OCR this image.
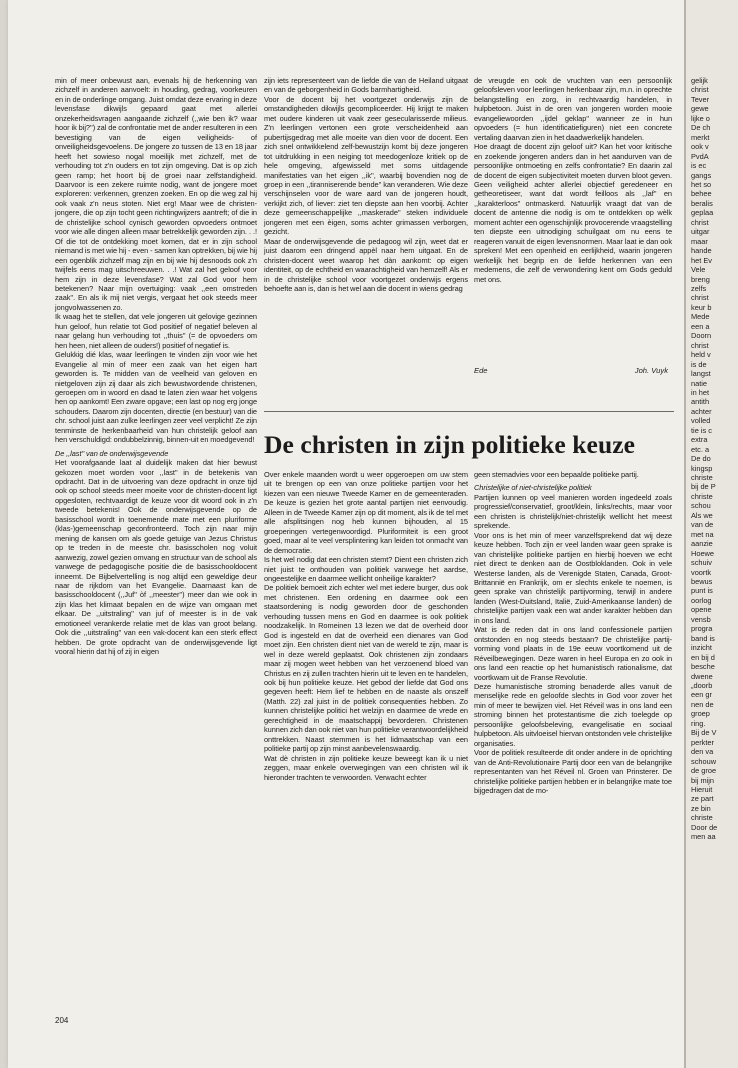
min of meer onbewust aan, evenals hij de herkenning van zichzelf in anderen aanvoelt: in houding, gedrag, voorkeuren en in de onderlinge omgang. Juist omdat deze ervaring in deze levensfase dikwijls gepaard gaat met allerlei onzekerheidsvragen aangaande zichzelf (,,wie ben ik? waar hoor ik bij?'') zal de confrontatie met de ander resulteren in een bevestiging van de eigen veiligheids- of onveiligheidsgevoelens. De jongere zo tussen de 13 en 18 jaar heeft het sowieso nogal moeilijk met zichzelf, met de verhouding tot z'n ouders en tot zijn omgeving. Dat is op zich geen ramp; het hoort bij de groei naar zelfstandigheid. Daarvoor is een zekere ruimte nodig, want de jongere moet exploreren: verkennen, grenzen zoeken. En op die weg zal hij ook vaak z'n neus stoten. Niet erg! Maar wee de christen-jongere, die op zijn tocht geen richtingwijzers aantreft; of die in de christelijke school cynisch geworden opvoeders ontmoet voor wie alle dingen alleen maar betrekkelijk geworden zijn. . .! Of die tot de ontdekking moet komen, dat er in zijn school niemand is met wie hij - even - samen kan optrekken, bij wie hij een ogenblik zichzelf mag zijn en bij wie hij desnoods ook z'n twijfels eens mag uitschreeuwen. . .! Wat zal het geloof voor hem zijn in deze levensfase? Wat zal God voor hem betekenen? Naar mijn overtuiging: vaak ,,een omstreden zaak''. En als ik mij niet vergis, vergaat het ook steeds meer jongvolwassenen zo.

Ik waag het te stellen, dat vele jongeren uit gelovige gezinnen hun geloof, hun relatie tot God positief of negatief beleven al naar gelang hun verhouding tot ,,thuis'' (= de opvoeders om hen heen, niet alleen de ouders!) positief of negatief is.

Gelukkig dié klas, waar leerlingen te vinden zijn voor wie het Evangelie al min of meer een zaak van het eigen hart geworden is. Te midden van de veelheid van geloven en nietgeloven zijn zij daar als zich bewustwordende christenen, geroepen om in woord en daad te laten zien waar het volgens hen op aankomt! Een zware opgave; een last op nog erg jonge schouders. Daarom zijn docenten, directie (en bestuur) van die chr. school juist aan zulke leerlingen zeer veel verplicht! Ze zijn tenminste de herkenbaarheid van hun christelijk geloof aan hen verschuldigd: ondubbelzinnig, binnen-uit en moedgevend!

De ,,last'' van de onderwijsgevende

Het voorafgaande laat al duidelijk maken dat hier bewust gekozen moet worden voor ,,last'' in de betekenis van opdracht. Dat in de uitvoering van deze opdracht in onze tijd ook op school steeds meer moeite voor de christen-docent ligt opgesloten, rechtvaardigt de keuze voor dit woord ook in z'n tweede betekenis! Ook de onderwijsgevende op de basisschool wordt in toenemende mate met een pluriforme (klas-)gemeenschap geconfronteerd. Toch zijn naar mijn mening de kansen om als goede getuige van Jezus Christus op te treden in de meeste chr. basisscholen nog voluit aanwezig, zowel gezien omvang en structuur van de school als vanwege de pedagogische positie die de basisschooldocent inneemt. De Bijbelvertelling is nog altijd een geweldige deur naar de rijkdom van het Evangelie. Daarnaast kan de basisschooldocent (,,Juf'' òf ,,meester'') meer dan wie ook in zijn klas het klimaat bepalen en de wijze van omgaan met elkaar. De ,,uitstraling'' van juf of meester is in de vak emotioneel verankerde relatie met de klas van groot belang. Ook die ,,uitstraling'' van een vak-docent kan een sterk effect hebben. De grote opdracht van de onderwijsgevende ligt vooral hierin dat hij of zij in eigen

zijn iets representeert van de liefde die van de Heiland uitgaat en van de geborgenheid in Gods barmhartigheid.

Voor de docent bij het voortgezet onderwijs zijn de omstandigheden dikwijls gecompliceerder. Hij krijgt te maken met oudere kinderen uit vaak zeer gesecularisserde milieus. Z'n leerlingen vertonen een grote verscheidenheid aan pubertijsgedrag met alle moeite van dien voor de docent. Een zich snel ontwikkelend zelf-bewustzijn komt bij deze jongeren tot uitdrukking in een neiging tot meedogenloze kritiek op de hele omgeving, afgewisseld met soms uitdagende manifestaties van het eigen ,,ik'', waarbij bovendien nog de groep in een ,,tiranniserende bende'' kan veranderen. Wie deze verschijnselen voor de ware aard van de jongeren houdt, verkijkt zich, of liever: ziet ten diepste aan hen voorbij. Achter deze gemeenschappelijke ,,maskerade'' steken individuele jongeren met een èigen, soms achter grimassen verborgen, gezicht.

Maar de onderwijsgevende die pedagoog wil zijn, weet dat er juist daarom een dringend appèl naar hem uitgaat. En de christen-docent weet waarop het dàn aankomt: op eigen identiteit, op de echtheid en waarachtigheid van hemzelf! Als er in de christelijke school voor voortgezet onderwijs ergens behoefte aan is, dan is het wel aan die docent in wiens gedrag

de vreugde en ook de vruchten van een persoonlijk geloofsleven voor leerlingen herkenbaar zijn, m.n. in oprechte belangstelling en zorg, in rechtvaardig handelen, in hulpbetoon. Juist in de oren van jongeren worden mooie evangeliewoorden ,,ijdel geklap'' wanneer ze in hun opvoeders (= hun identificatiefiguren) niet een concrete vertaling daarvan zien in het daadwerkelijk handelen.

Hoe draagt de docent zijn geloof uit? Kan het voor kritische en zoekende jongeren anders dan in het aandurven van de persoonlijke ontmoeting en zelfs confrontatie? En daarin zal de docent de eigen subjectiviteit moeten durven bloot geven. Geen veiligheid achter allerlei objectief geredeneer en getheoretiseer, want dat wordt feilloos als ,,laf'' en ,,karakterloos'' ontmaskerd. Natuurlijk vraagt dat van de docent de antenne die nodig is om te ontdekken op wèlk moment achter een ogenschijnlijk provocerende vraagstelling ten diepste een uitnodiging schuilgaat om nu eens te reageren vanuit de eigen levensnormen. Maar laat ie dan ook spreken! Met een openheid en eerlijkheid, waarin jongeren werkelijk het begrip en de liefde herkennen van een medemens, die zelf de verwondering kent om Gods geduld met ons.

Ede	Joh. Vuyk
De christen in zijn politieke keuze

Over enkele maanden wordt u weer opgeroepen om uw stem uit te brengen op een van onze politieke partijen voor het kiezen van een nieuwe Tweede Kamer en de gemeenteraden. De keuze is gezien het grote aantal partijen niet eenvoudig. Alleen in de Tweede Kamer zijn op dit moment, als ik de tel met alle afsplitsingen nog heb kunnen bijhouden, al 15 groeperingen vertegenwoordigd. Pluriformiteit is een groot goed, maar al te veel versplintering kan leiden tot onmacht van de democratie.

Is het wel nodig dat een christen stemt? Dient een christen zich niet juist te onthouden van politiek vanwege het aardse, ongeestelijke en daarmee wellicht onheilige karakter?

De politiek bemoeit zich echter wel met iedere burger, dus ook met christenen. Een ordening en daarmee ook een staatsordening is nodig geworden door de geschonden verhouding tussen mens en God en daarmee is ook politiek noodzakelijk. In Romeinen 13 lezen we dat de overheid door God is ingesteld en dat de overheid een dienares van God moet zijn. Een christen dient niet van de wereld te zijn, maar is wel in deze wereld geplaatst. Ook christenen zijn zondaars maar zij mogen weet hebben van het verzoenend bloed van Christus en zij zullen trachten hierin uit te leven en te handelen, ook bij hun politieke keuze. Het gebod der liefde dat God ons gegeven heeft: Hem lief te hebben en de naaste als onszelf (Matth. 22) zal juist in de politiek consequenties hebben. Zo kunnen christelijke politici het welzijn en daarmee de vrede en gerechtigheid in de maatschappij bevorderen. Christenen kunnen zich dan ook niet van hun politieke verantwoordelijkheid onttrekken. Naast stemmen is het lidmaatschap van een politieke partij op zijn minst aanbevelenswaardig.

Wat dè christen in zijn politieke keuze beweegt kan ik u niet zeggen, maar enkele overwegingen van een christen wil ik hieronder trachten te verwoorden. Verwacht echter

geen stemadvies voor een bepaalde politieke partij.

Christelijke of niet-christelijke politiek

Partijen kunnen op veel manieren worden ingedeeld zoals progressief/conservatief, groot/klein, links/rechts, maar voor een christen is christelijk/niet-christelijk wellicht het meest sprekende.

Voor ons is het min of meer vanzelfsprekend dat wij deze keuze hebben. Toch zijn er veel landen waar geen sprake is van christelijke politieke partijen en hierbij hoeven we echt niet direct te denken aan de Oostbloklanden. Ook in vele Westerse landen, als de Verenigde Staten, Canada, Groot-Brittannië en Frankrijk, om er slechts enkele te noemen, is geen sprake van christelijk partijvorming, terwijl in andere landen (West-Duitsland, Italië, Zuid-Amerikaanse landen) de christelijke partijen vaak een wat ander karakter hebben dan in ons land.

Wat is de reden dat in ons land confessionele partijen ontstonden en nog steeds bestaan? De christelijke partij-vorming vond plaats in de 19e eeuw voortkomend uit de Réveilbewegingen. Deze waren in heel Europa en zo ook in ons land een reactie op het humanistisch rationalisme, dat voortkwam uit de Franse Revolutie.

Deze humanistische stroming benaderde alles vanuit de menselijke rede en geloofde slechts in God voor zover het min of meer te bewijzen viel. Het Réveil was in ons land een stroming binnen het protestantisme die zich toelegde op persoonlijke geloofsbeleving, evangelisatie en sociaal hulpbetoon. Als uitvloeisel hiervan ontstonden vele christelijke organisaties.

Voor de politiek resulteerde dit onder andere in de oprichting van de Anti-Revolutionaire Partij door een van de belangrijke representanten van het Réveil nl. Groen van Prinsterer. De christelijke politieke partijen hebben er in belangrijke mate toe bijgedragen dat de mo-

204
gelijk
christ
Tever
gewe
lijke o
De ch
merkt
ook v
PvdA
is ec
gangs
het so
behee
beralis
geplaa
christ
uitgar
maar
hande
het Ev
Vele
breng
zelfs
christ
keur b
Mede
een a
Doorn
christ
held v
is de
langst
natie
in het
antith
achter
volled
tie is c
extra
etc. a
De do
kingsp
christe
bij de P
christe
schou
Als we
van de
met na
aanzie
Hoewe
schuiv
voortk
bewus
punt is
oorlog
opene
vensb
progra
band is
inzicht
en bij d
besche
dwene
„doorb
een gr
nen de
groep
ring.
Bij de V
perkter
den va
schouw
de groe
bij mijn
Hieruit
ze part
ze bin
christe
Door de
men aa
